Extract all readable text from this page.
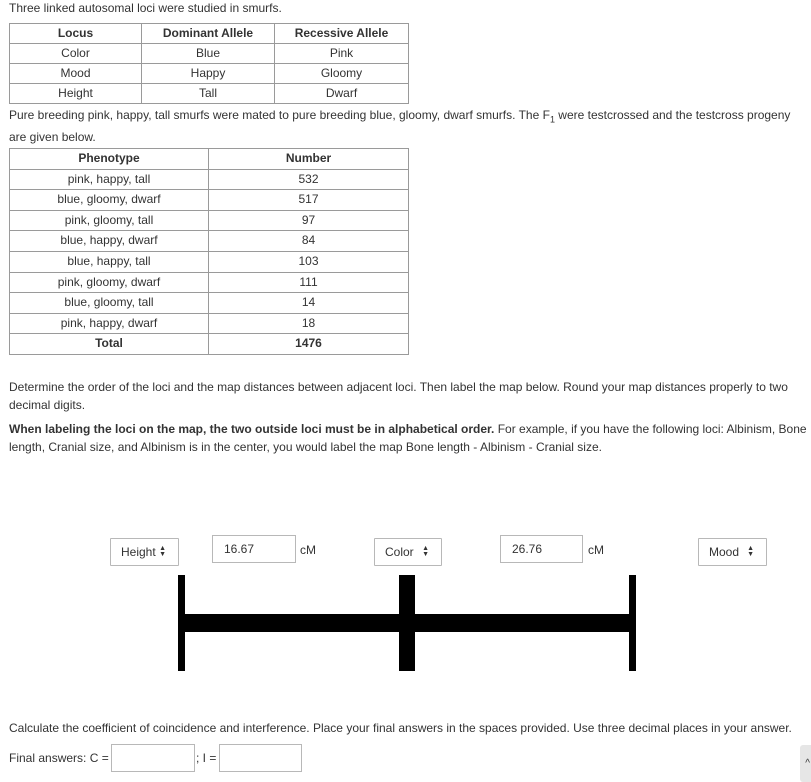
Three linked autosomal loci were studied in smurfs.
Locus	Dominant Allele	Recessive Allele
Color	Blue	Pink
Mood	Happy	Gloomy
Height	Tall	Dwarf
Pure breeding pink, happy, tall smurfs were mated to pure breeding blue, gloomy, dwarf smurfs. The $F_1$ were testcrossed and the testcross progeny are given below.
Phenotype	Number
pink, happy, tall	532
blue, gloomy, dwarf	517
pink, gloomy, tall	97
blue, happy, dwarf	84
blue, happy, tall	103
pink, gloomy, dwarf	111
blue, gloomy, tall	14
pink, happy, dwarf	18
Total	1476
Determine the order of the loci and the map distances between adjacent loci. Then label the map below. Round your map distances properly to two decimal digits.
When labeling the loci on the map, the two outside loci must be in alphabetical order. For example, if you have the following loci: Albinism, Bone length, Cranial size, and Albinism is in the center, you would label the map Bone length - Albinism - Cranial size.
Height ▲
▼
16.67	cM	Color ▲
▼
26.76	cM	Mood ▲
▼
Calculate the coefficient of coincidence and interference. Place your final answers in the spaces provided. Use three decimal places in your answer.
Final answers: C =	; I =	^
